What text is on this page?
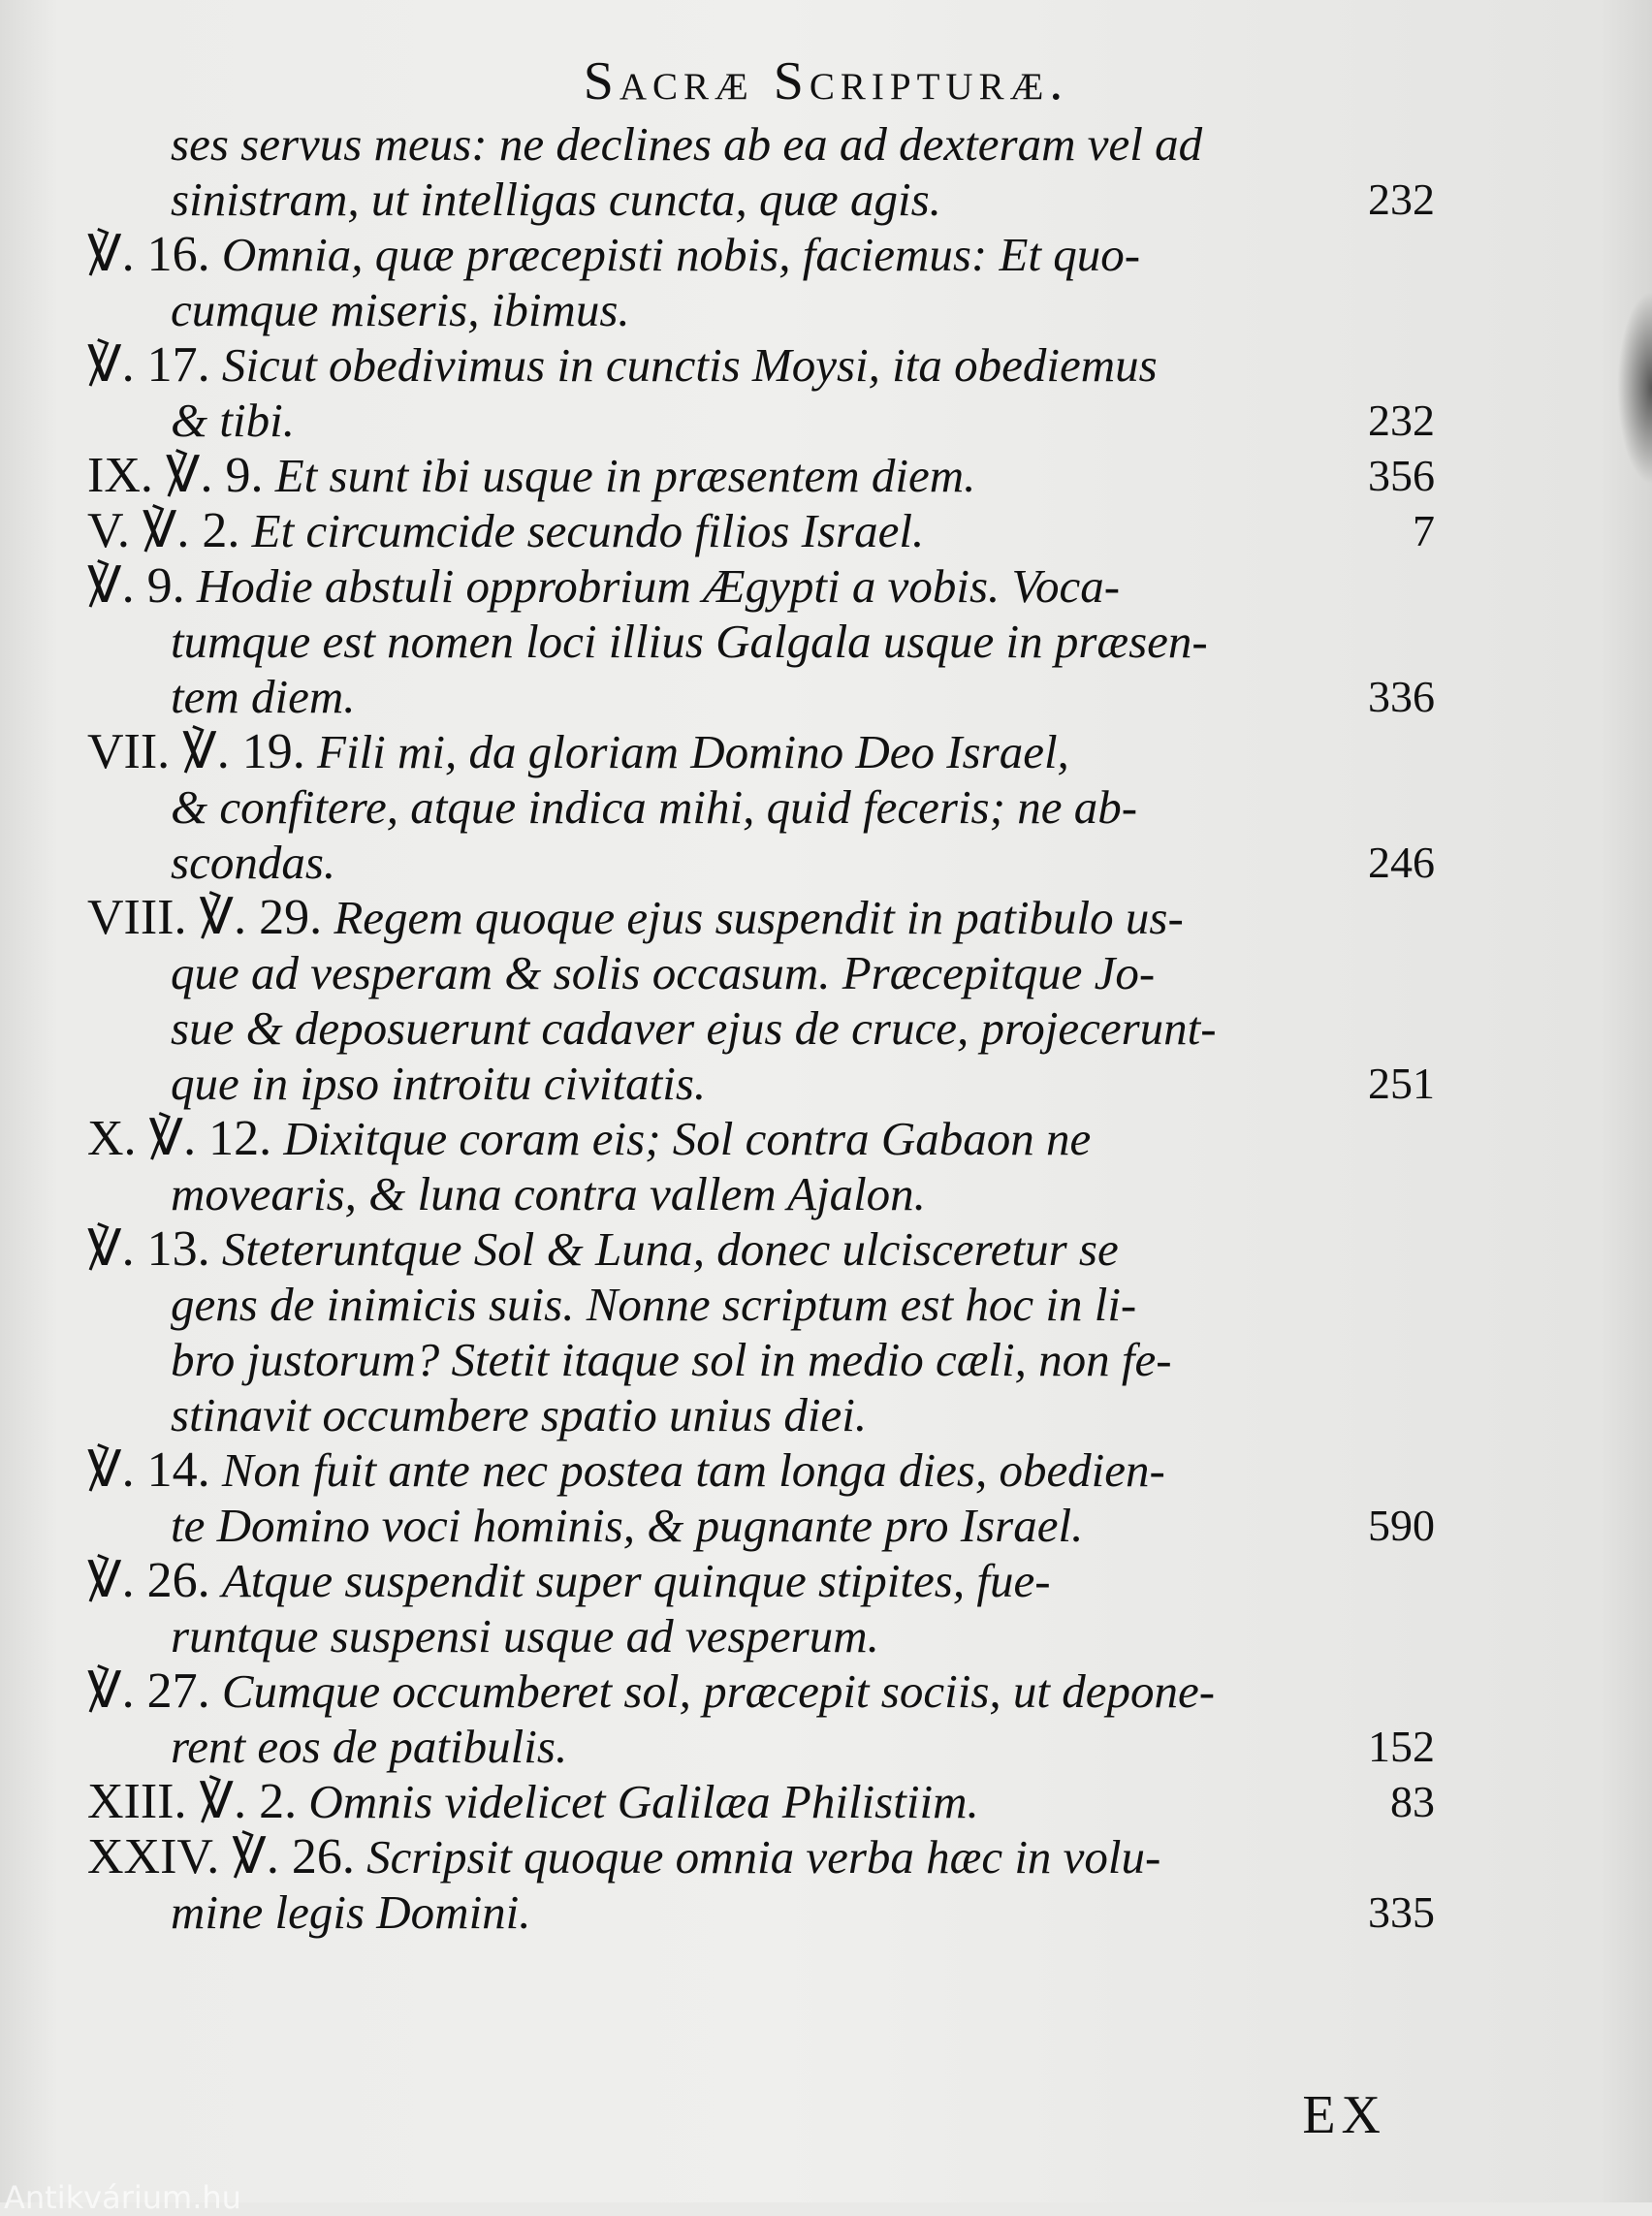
Sacræ Scripturæ.
ses servus meus: ne declines ab ea ad dexteram vel ad
sinistram, ut intelligas cuncta, quæ agis.	232
℣. 16. Omnia, quæ præcepisti nobis, faciemus: Et quo-
cumque miseris, ibimus.
℣. 17. Sicut obedivimus in cunctis Moysi, ita obediemus
& tibi.	232
IX. ℣. 9. Et sunt ibi usque in præsentem diem.	356
V. ℣. 2. Et circumcide secundo filios Israel.	7
℣. 9. Hodie abstuli opprobrium Ægypti a vobis. Voca-
tumque est nomen loci illius Galgala usque in præsen-
tem diem.	336
VII. ℣. 19. Fili mi, da gloriam Domino Deo Israel,
& confitere, atque indica mihi, quid feceris; ne ab-
scondas.	246
VIII. ℣. 29. Regem quoque ejus suspendit in patibulo us-
que ad vesperam & solis occasum. Præcepitque Jo-
sue & deposuerunt cadaver ejus de cruce, projecerunt-
que in ipso introitu civitatis.	251
X. ℣. 12. Dixitque coram eis; Sol contra Gabaon ne
movearis, & luna contra vallem Ajalon.
℣. 13. Steteruntque Sol & Luna, donec ulcisceretur se
gens de inimicis suis. Nonne scriptum est hoc in li-
bro justorum? Stetit itaque sol in medio cæli, non fe-
stinavit occumbere spatio unius diei.
℣. 14. Non fuit ante nec postea tam longa dies, obedien-
te Domino voci hominis, & pugnante pro Israel.	590
℣. 26. Atque suspendit super quinque stipites, fue-
runtque suspensi usque ad vesperum.
℣. 27. Cumque occumberet sol, præcepit sociis, ut depone-
rent eos de patibulis.	152
XIII. ℣. 2. Omnis videlicet Galilæa Philistiim.	83
XXIV. ℣. 26. Scripsit quoque omnia verba hæc in volu-
mine legis Domini.	335
EX
Antikvárium.hu
